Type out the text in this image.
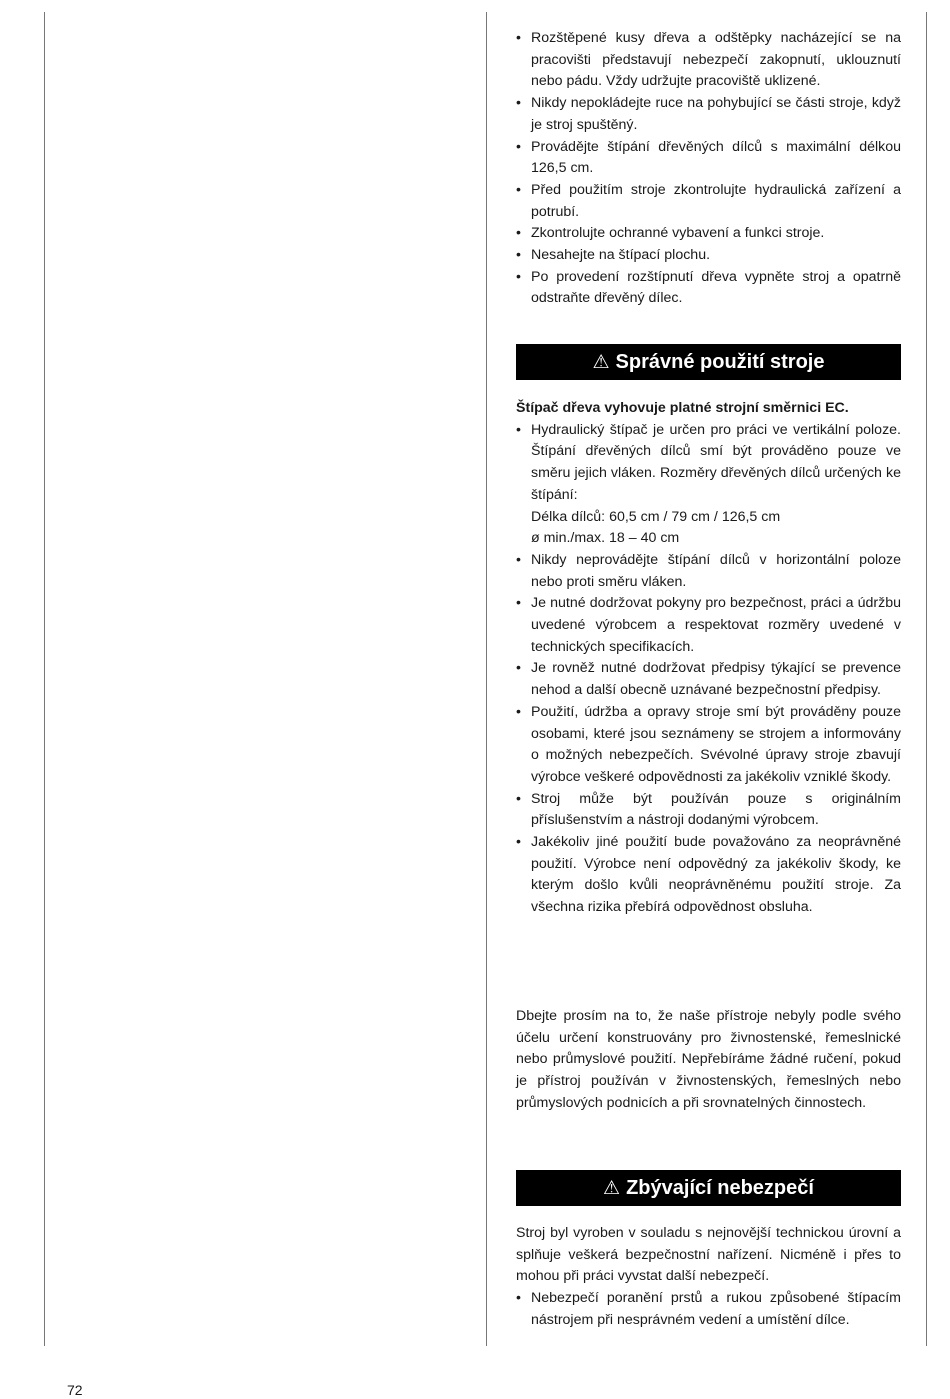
• Rozštěpené kusy dřeva a odštěpky nacházející se na pracovišti představují nebezpečí zakopnutí, uklouznutí nebo pádu. Vždy udržujte pracoviště uklizené.
• Nikdy nepokládejte ruce na pohybující se části stroje, když je stroj spuštěný.
• Provádějte štípání dřevěných dílců s maximální délkou 126,5 cm.
• Před použitím stroje zkontrolujte hydraulická zařízení a potrubí.
• Zkontrolujte ochranné vybavení a funkci stroje.
• Nesahejte na štípací plochu.
• Po provedení rozštípnutí dřeva vypněte stroj a opatrně odstraňte dřevěný dílec.
⚠ Správné použití stroje
Štípač dřeva vyhovuje platné strojní směrnici EC.
• Hydraulický štípač je určen pro práci ve vertikální poloze. Štípání dřevěných dílců smí být prováděno pouze ve směru jejich vláken. Rozměry dřevěných dílců určených ke štípání:
Délka dílců: 60,5 cm / 79 cm / 126,5 cm
ø min./max. 18 – 40 cm
• Nikdy neprovádějte štípání dílců v horizontální poloze nebo proti směru vláken.
• Je nutné dodržovat pokyny pro bezpečnost, práci a údržbu uvedené výrobcem a respektovat rozměry uvedené v technických specifikacích.
• Je rovněž nutné dodržovat předpisy týkající se prevence nehod a další obecně uznávané bezpečnostní předpisy.
• Použití, údržba a opravy stroje smí být prováděny pouze osobami, které jsou seznámeny se strojem a informovány o možných nebezpečích. Svévolné úpravy stroje zbavují výrobce veškeré odpovědnosti za jakékoliv vzniklé škody.
• Stroj může být používán pouze s originálním příslušenstvím a nástroji dodanými výrobcem.
• Jakékoliv jiné použití bude považováno za neoprávněné použití. Výrobce není odpovědný za jakékoliv škody, ke kterým došlo kvůli neoprávněnému použití stroje. Za všechna rizika přebírá odpovědnost obsluha.

Dbejte prosím na to, že naše přístroje nebyly podle svého účelu určení konstruovány pro živnostenské, řemeslnické nebo průmyslové použití. Nepřebíráme žádné ručení, pokud je přístroj používán v živnostenských, řemeslných nebo průmyslových podnicích a při srovnatelných činnostech.

⚠ Zbývající nebezpečí

Stroj byl vyroben v souladu s nejnovější technickou úrovní a splňuje veškerá bezpečnostní nařízení. Nicméně i přes to mohou při práci vyvstat další nebezpečí.

• Nebezpečí poranění prstů a rukou způsobené štípacím nástrojem při nesprávném vedení a umístění dílce.
72
